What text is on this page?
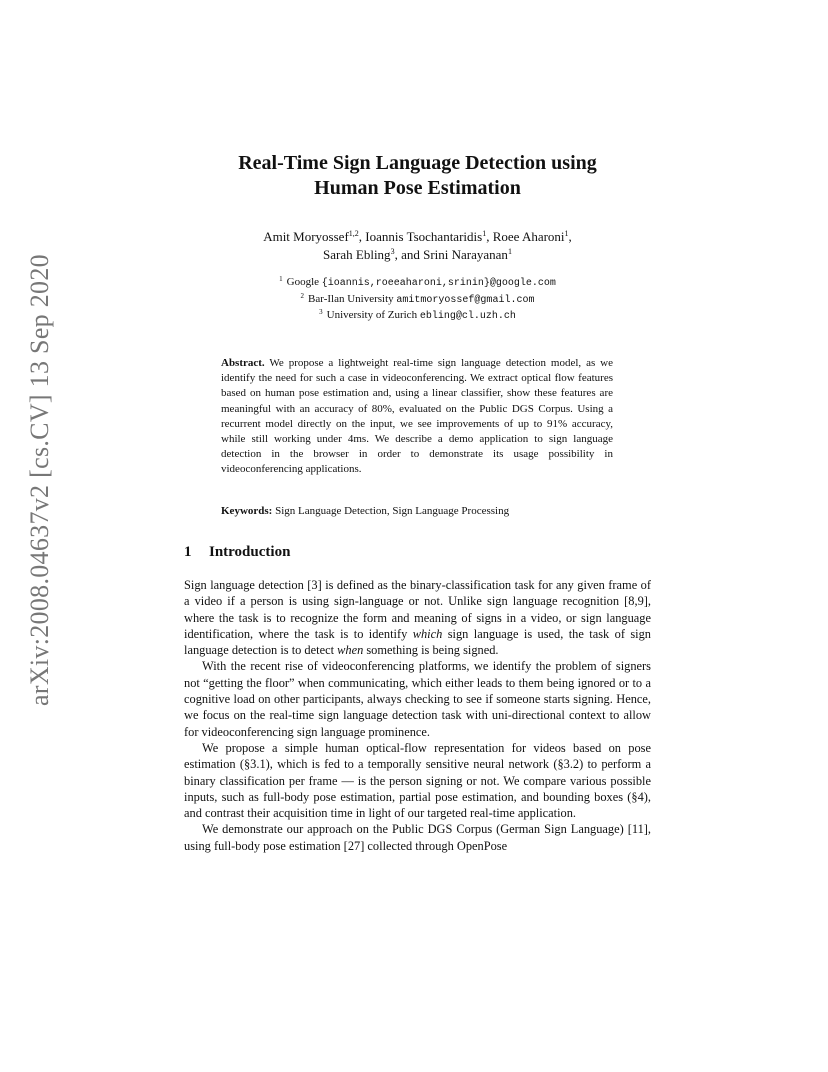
arXiv:2008.04637v2 [cs.CV] 13 Sep 2020
Real-Time Sign Language Detection using
Human Pose Estimation
Amit Moryossef$^{1,2}$, Ioannis Tsochantaridis$^1$, Roee Aharoni$^1$,
Sarah Ebling$^3$, and Srini Narayanan$^1$
$^1$ Google {ioannis,roeeaharoni,srinin}@google.com
$^2$ Bar-Ilan University amitmoryossef@gmail.com
$^3$ University of Zurich ebling@cl.uzh.ch

Abstract. We propose a lightweight real-time sign language detection model, as we identify the need for such a case in videoconferencing. We extract optical flow features based on human pose estimation and, using a linear classifier, show these features are meaningful with an accuracy of 80%, evaluated on the Public DGS Corpus. Using a recurrent model directly on the input, we see improvements of up to 91% accuracy, while still working under 4ms. We describe a demo application to sign language detection in the browser in order to demonstrate its usage possibility in videoconferencing applications.

Keywords: Sign Language Detection, Sign Language Processing

1 Introduction

Sign language detection [3] is defined as the binary-classification task for any given frame of a video if a person is using sign-language or not. Unlike sign language recognition [8,9], where the task is to recognize the form and meaning of signs in a video, or sign language identification, where the task is to identify which sign language is used, the task of sign language detection is to detect when something is being signed.

With the recent rise of videoconferencing platforms, we identify the problem of signers not “getting the floor” when communicating, which either leads to them being ignored or to a cognitive load on other participants, always checking to see if someone starts signing. Hence, we focus on the real-time sign language detection task with uni-directional context to allow for videoconferencing sign language prominence.

We propose a simple human optical-flow representation for videos based on pose estimation (§3.1), which is fed to a temporally sensitive neural network (§3.2) to perform a binary classification per frame — is the person signing or not. We compare various possible inputs, such as full-body pose estimation, partial pose estimation, and bounding boxes (§4), and contrast their acquisition time in light of our targeted real-time application.

We demonstrate our approach on the Public DGS Corpus (German Sign Language) [11], using full-body pose estimation [27] collected through OpenPose
